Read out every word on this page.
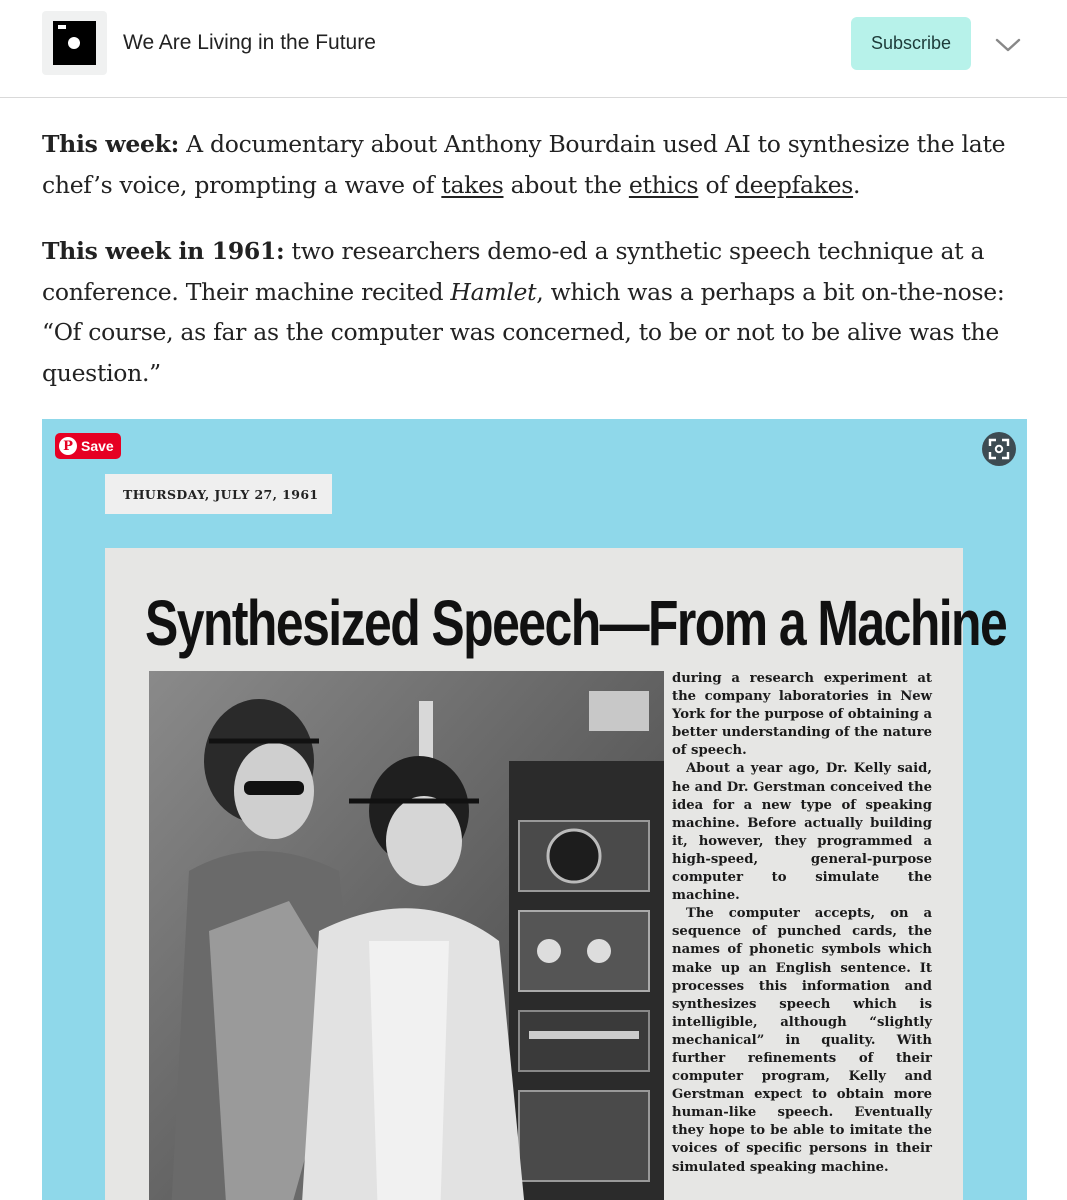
We Are Living in the Future	Subscribe

This week: A documentary about Anthony Bourdain used AI to synthesize the late chef’s voice, prompting a wave of takes about the ethics of deepfakes.

This week in 1961: two researchers demo-ed a synthetic speech technique at a conference. Their machine recited Hamlet, which was a perhaps a bit on-the-nose: “Of course, as far as the computer was concerned, to be or not to be alive was the question.”

P Save
THURSDAY, JULY 27, 1961
Synthesized Speech—From a Machine
during a research experiment at the company laboratories in New York for the purpose of obtaining a better understanding of the nature of speech.
About a year ago, Dr. Kelly said, he and Dr. Gerstman conceived the idea for a new type of speaking machine. Before actually building it, however, they programmed a high-speed, general-purpose computer to simulate the machine.
The computer accepts, on a sequence of punched cards, the names of phonetic symbols which make up an English sentence. It processes this information and synthesizes speech which is intelligible, although “slightly mechanical” in quality. With further refinements of their computer program, Kelly and Gerstman expect to obtain more human-like speech. Eventually they hope to be able to imitate the voices of specific persons in their simulated speaking machine.
